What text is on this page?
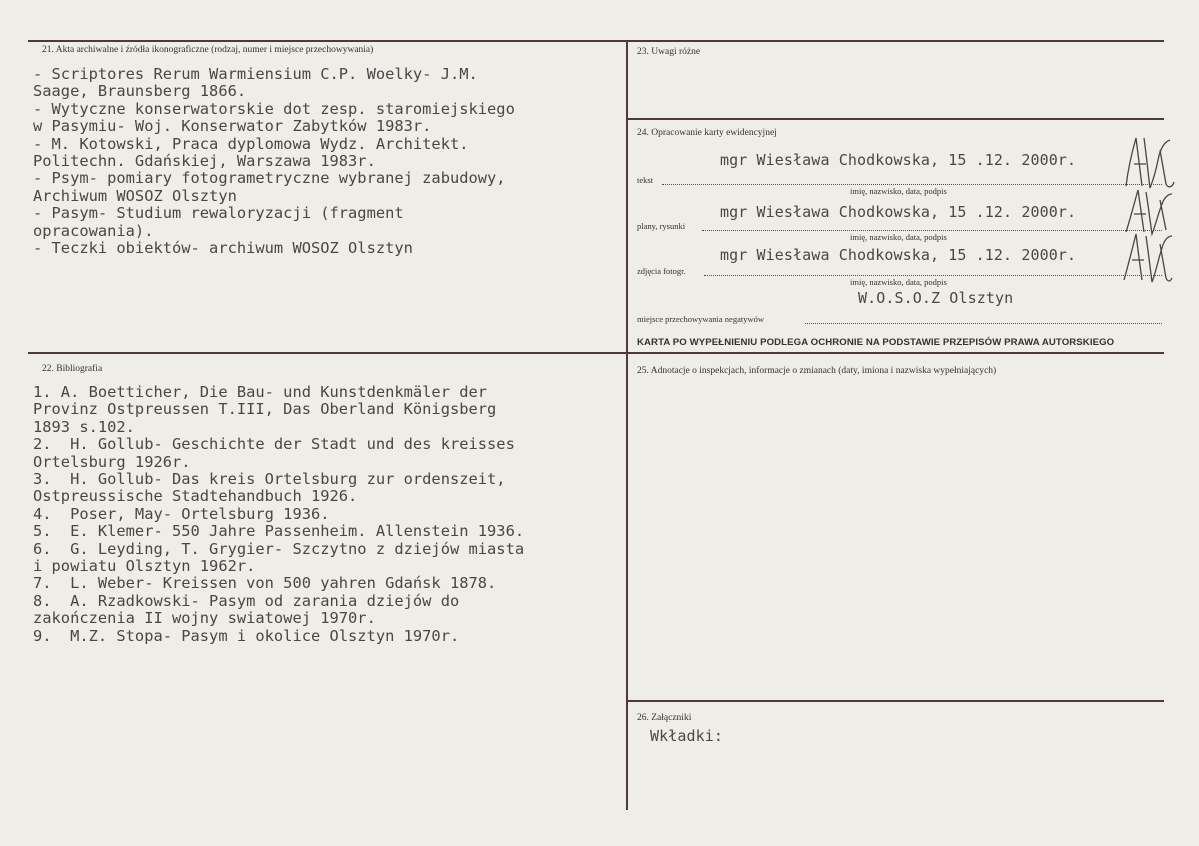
21. Akta archiwalne i źródła ikonograficzne (rodzaj, numer i miejsce przechowywania)
- Scriptores Rerum Warmiensium C.P. Woelky- J.M.
Saage, Braunsberg 1866.
- Wytyczne konserwatorskie dot zesp. staromiejskiego
w Pasymiu- Woj. Konserwator Zabytków 1983r.
- M. Kotowski, Praca dyplomowa Wydz. Architekt.
Politechn. Gdańskiej, Warszawa 1983r.
- Psym- pomiary fotogrametryczne wybranej zabudowy,
Archiwum WOSOZ Olsztyn
- Pasym- Studium rewaloryzacji (fragment
opracowania).
- Teczki obiektów- archiwum WOSOZ Olsztyn
22. Bibliografia
1. A. Boetticher, Die Bau- und Kunstdenkmäler der
Provinz Ostpreussen T.III, Das Oberland Königsberg
1893 s.102.
2.  H. Gollub- Geschichte der Stadt und des kreisses
Ortelsburg 1926r.
3.  H. Gollub- Das kreis Ortelsburg zur ordenszeit,
Ostpreussische Stadtehandbuch 1926.
4.  Poser, May- Ortelsburg 1936.
5.  E. Klemer- 550 Jahre Passenheim. Allenstein 1936.
6.  G. Leyding, T. Grygier- Szczytno z dziejów miasta
i powiatu Olsztyn 1962r.
7.  L. Weber- Kreissen von 500 yahren Gdańsk 1878.
8.  A. Rzadkowski- Pasym od zarania dziejów do
zakończenia II wojny swiatowej 1970r.
9.  M.Z. Stopa- Pasym i okolice Olsztyn 1970r.
23. Uwagi różne
24. Opracowanie karty ewidencyjnej
mgr Wiesława Chodkowska, 15 .12. 2000r.
tekst
imię, nazwisko, data, podpis
mgr Wiesława Chodkowska, 15 .12. 2000r.
plany, rysunki
imię, nazwisko, data, podpis
mgr Wiesława Chodkowska, 15 .12. 2000r.
zdjęcia fotogr.
imię, nazwisko, data, podpis
W.O.S.O.Z Olsztyn
miejsce przechowywania negatywów
KARTA PO WYPEŁNIENIU PODLEGA OCHRONIE NA PODSTAWIE PRZEPISÓW PRAWA AUTORSKIEGO
25. Adnotacje o inspekcjach, informacje o zmianach (daty, imiona i nazwiska wypełniających)
26. Załączniki
Wkładki:
